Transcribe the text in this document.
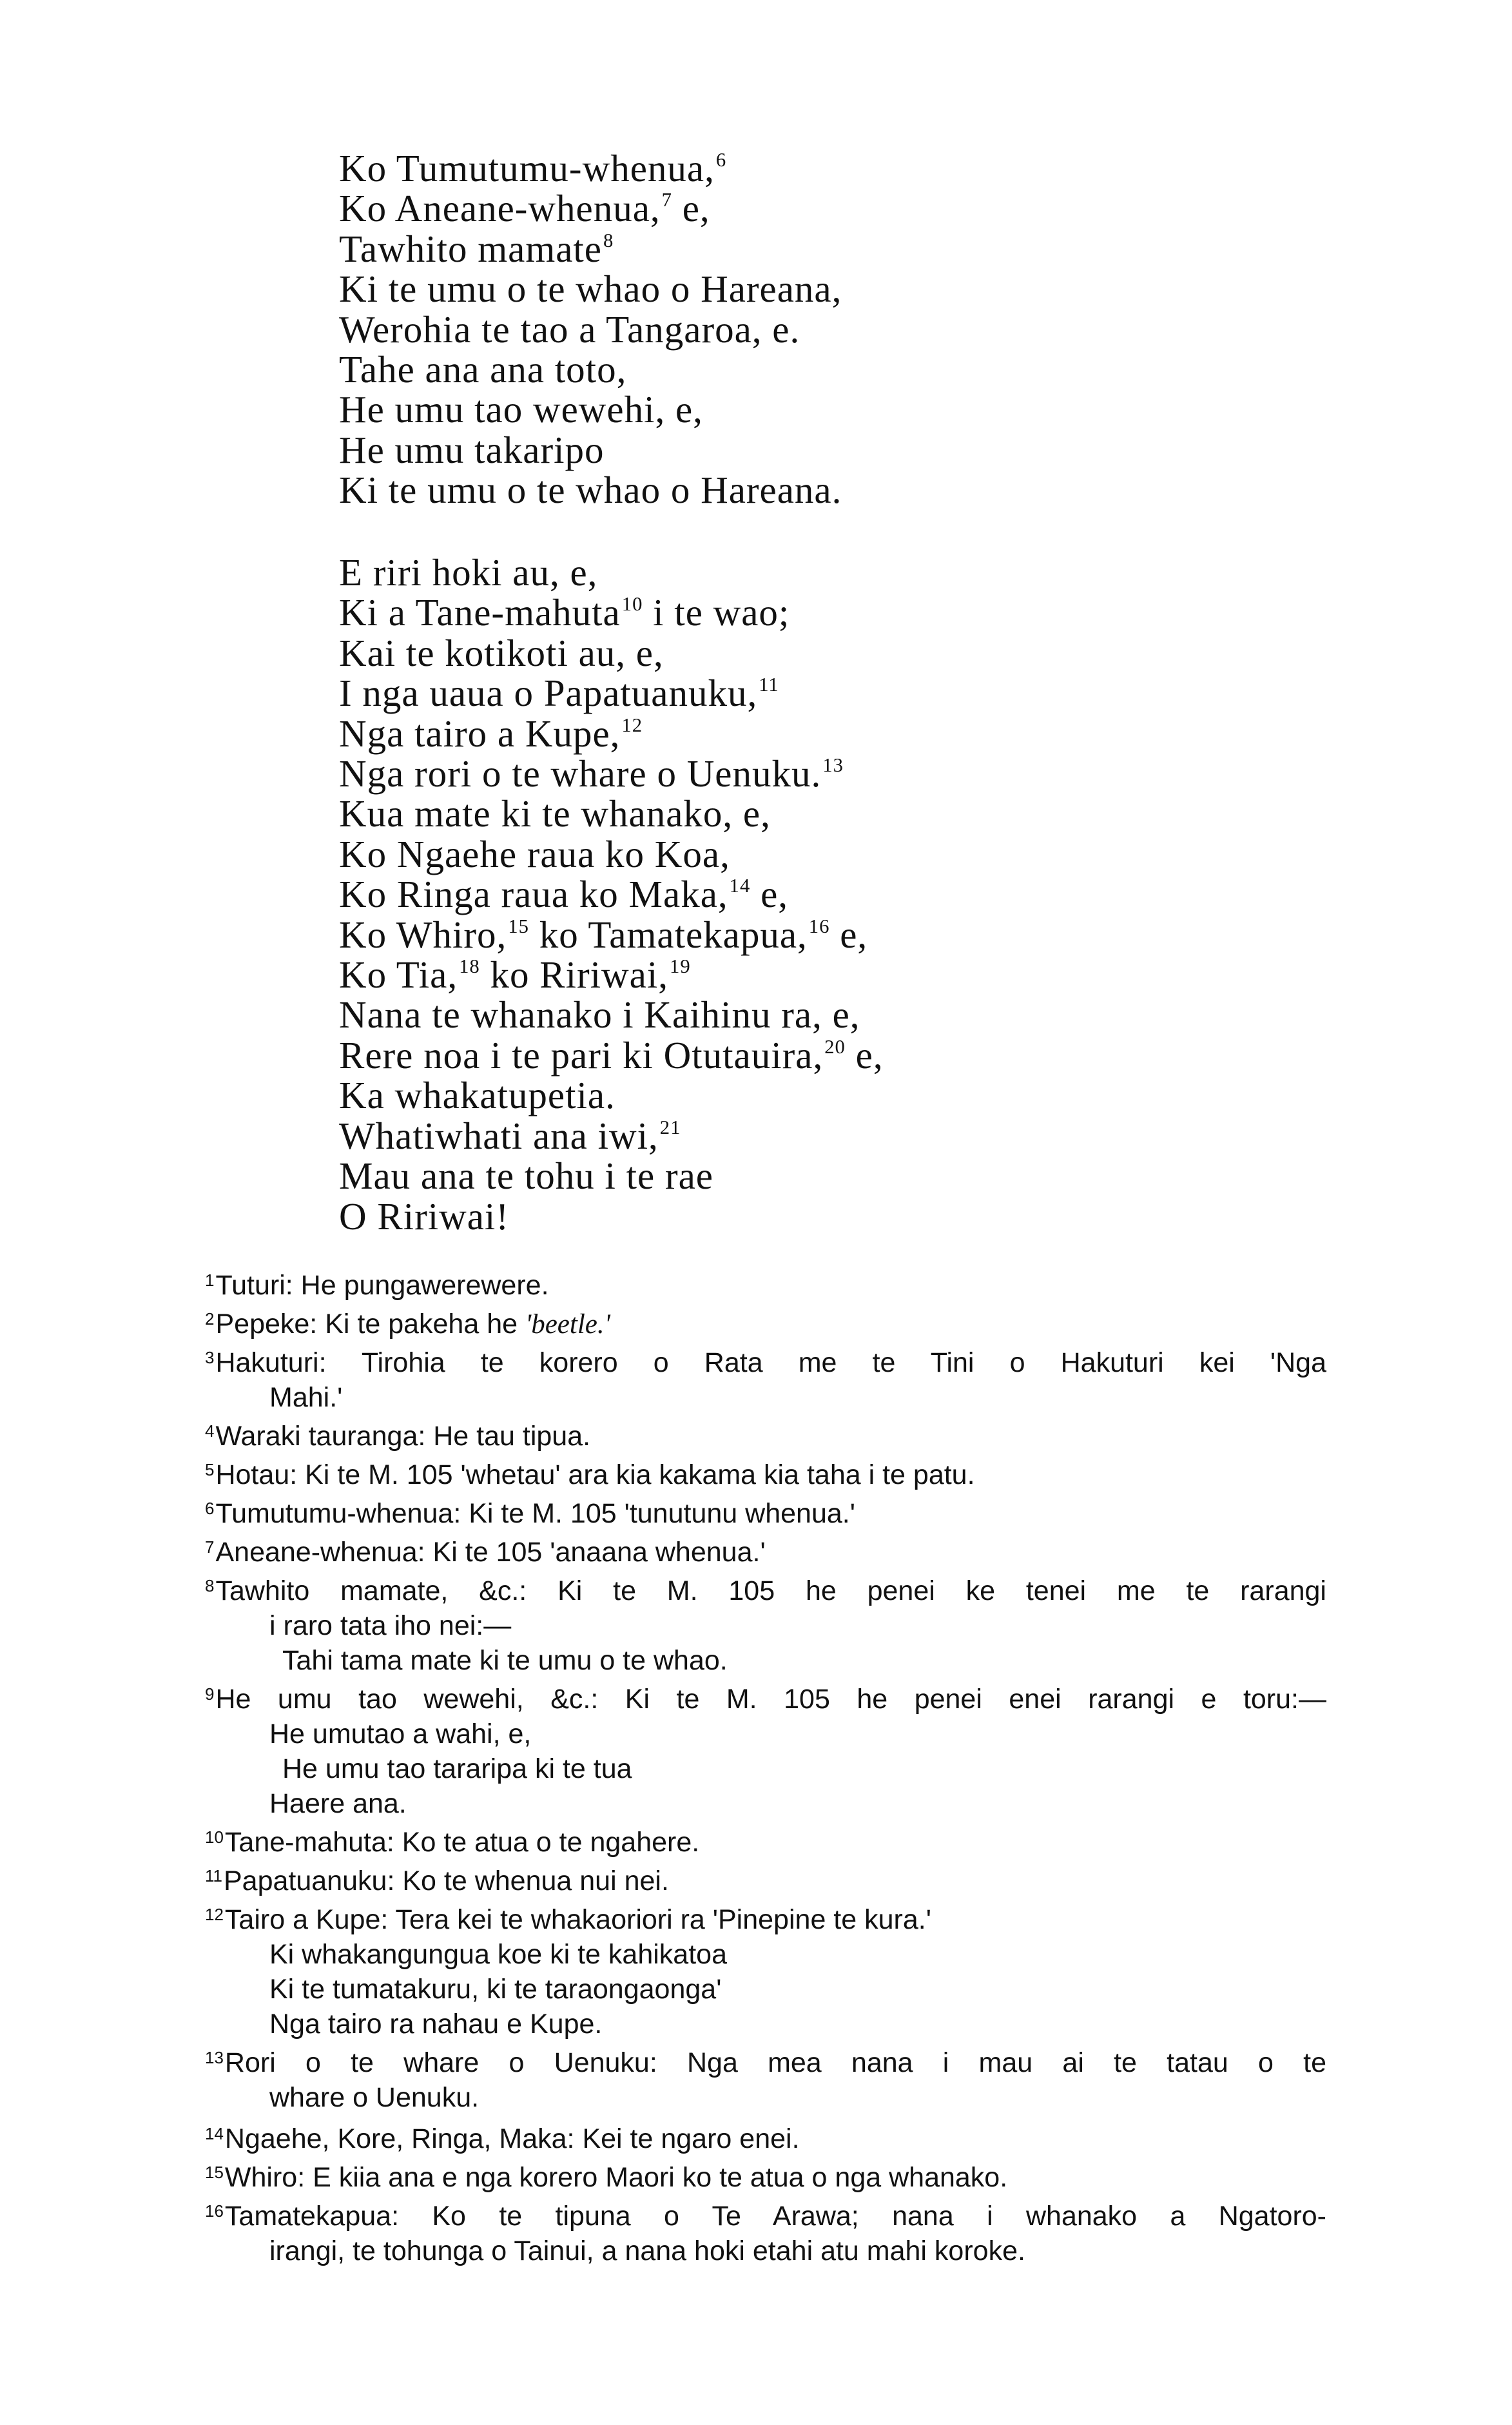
Ko Tumutumu-whenua,$^6$
Ko Aneane-whenua,$^7$ e,
Tawhito mamate$^8$
Ki te umu o te whao o Hareana,
Werohia te tao a Tangaroa, e.
Tahe ana ana toto,
He umu tao wewehi, e,
He umu takaripo
Ki te umu o te whao o Hareana.
E riri hoki au, e,
Ki a Tane-mahuta$^{10}$ i te wao;
Kai te kotikoti au, e,
I nga uaua o Papatuanuku,$^{11}$
Nga tairo a Kupe,$^{12}$
Nga rori o te whare o Uenuku.$^{13}$
Kua mate ki te whanako, e,
Ko Ngaehe raua ko Koa,
Ko Ringa raua ko Maka,$^{14}$ e,
Ko Whiro,$^{15}$ ko Tamatekapua,$^{16}$ e,
Ko Tia,$^{18}$ ko Ririwai,$^{19}$
Nana te whanako i Kaihinu ra, e,
Rere noa i te pari ki Otutauira,$^{20}$ e,
Ka whakatupetia.
Whatiwhati ana iwi,$^{21}$
Mau ana te tohu i te rae
O Ririwai!
$^1$Tuturi: He pungawerewere.
$^2$Pepeke: Ki te pakeha he 'beetle.'
$^3$Hakuturi: Tirohia te korero o Rata me te Tini o Hakuturi kei 'Nga
Mahi.'
$^4$Waraki tauranga: He tau tipua.
$^5$Hotau: Ki te M. 105 'whetau' ara kia kakama kia taha i te patu.
$^6$Tumutumu-whenua: Ki te M. 105 'tunutunu whenua.'
$^7$Aneane-whenua: Ki te 105 'anaana whenua.'
$^8$Tawhito mamate, &c.: Ki te M. 105 he penei ke tenei me te rarangi
i raro tata iho nei:—
Tahi tama mate ki te umu o te whao.
$^9$He umu tao wewehi, &c.: Ki te M. 105 he penei enei rarangi e toru:—
He umutao a wahi, e,
He umu tao tararipa ki te tua
Haere ana.
$^{10}$Tane-mahuta: Ko te atua o te ngahere.
$^{11}$Papatuanuku: Ko te whenua nui nei.
$^{12}$Tairo a Kupe: Tera kei te whakaoriori ra 'Pinepine te kura.'
Ki whakangungua koe ki te kahikatoa
Ki te tumatakuru, ki te taraongaonga'
Nga tairo ra nahau e Kupe.
$^{13}$Rori o te whare o Uenuku: Nga mea nana i mau ai te tatau o te
whare o Uenuku.
$^{14}$Ngaehe, Kore, Ringa, Maka: Kei te ngaro enei.
$^{15}$Whiro: E kiia ana e nga korero Maori ko te atua o nga whanako.
$^{16}$Tamatekapua: Ko te tipuna o Te Arawa; nana i whanako a Ngatoro-
irangi, te tohunga o Tainui, a nana hoki etahi atu mahi koroke.
